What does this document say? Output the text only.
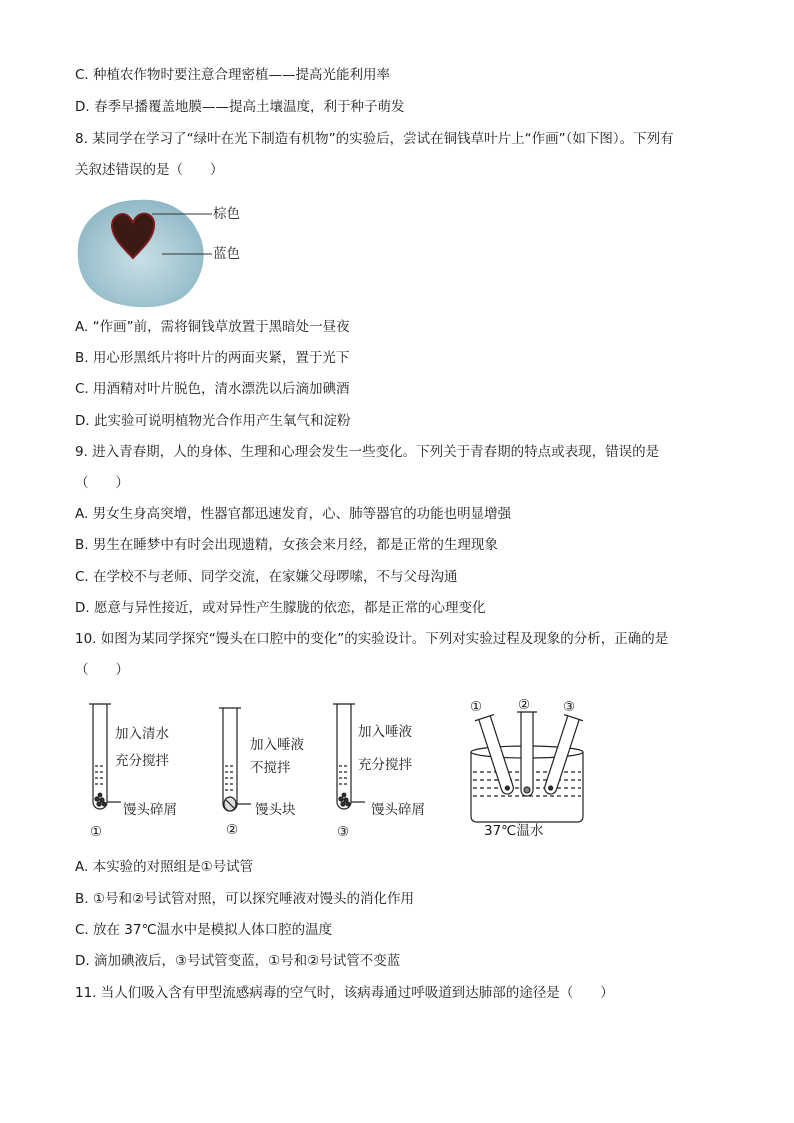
C. 种植农作物时要注意合理密植——提高光能利用率
D. 春季早播覆盖地膜——提高土壤温度，利于种子萌发
8. 某同学在学习了“绿叶在光下制造有机物”的实验后，尝试在铜钱草叶片上“作画”（如下图）。下列有
关叙述错误的是（　　）
棕色
蓝色
A. “作画”前，需将铜钱草放置于黑暗处一昼夜
B. 用心形黑纸片将叶片的两面夹紧，置于光下
C. 用酒精对叶片脱色，清水漂洗以后滴加碘酒
D. 此实验可说明植物光合作用产生氧气和淀粉
9. 进入青春期，人的身体、生理和心理会发生一些变化。下列关于青春期的特点或表现，错误的是
（　　）
A. 男女生身高突增，性器官都迅速发育，心、肺等器官的功能也明显增强
B. 男生在睡梦中有时会出现遗精，女孩会来月经，都是正常的生理现象
C. 在学校不与老师、同学交流，在家嫌父母啰嗦，不与父母沟通
D. 愿意与异性接近，或对异性产生朦胧的依恋，都是正常的心理变化
10. 如图为某同学探究“馒头在口腔中的变化”的实验设计。下列对实验过程及现象的分析，正确的是
（　　）
加入清水
充分搅拌
馒头碎屑
①
加入唾液
不搅拌
馒头块
②
加入唾液
充分搅拌
馒头碎屑
③
①	② ③
37℃温水
A. 本实验的对照组是①号试管
B. ①号和②号试管对照，可以探究唾液对馒头的消化作用
C. 放在 37℃温水中是模拟人体口腔的温度
D. 滴加碘液后，③号试管变蓝，①号和②号试管不变蓝
11. 当人们吸入含有甲型流感病毒的空气时，该病毒通过呼吸道到达肺部的途径是（　　）
